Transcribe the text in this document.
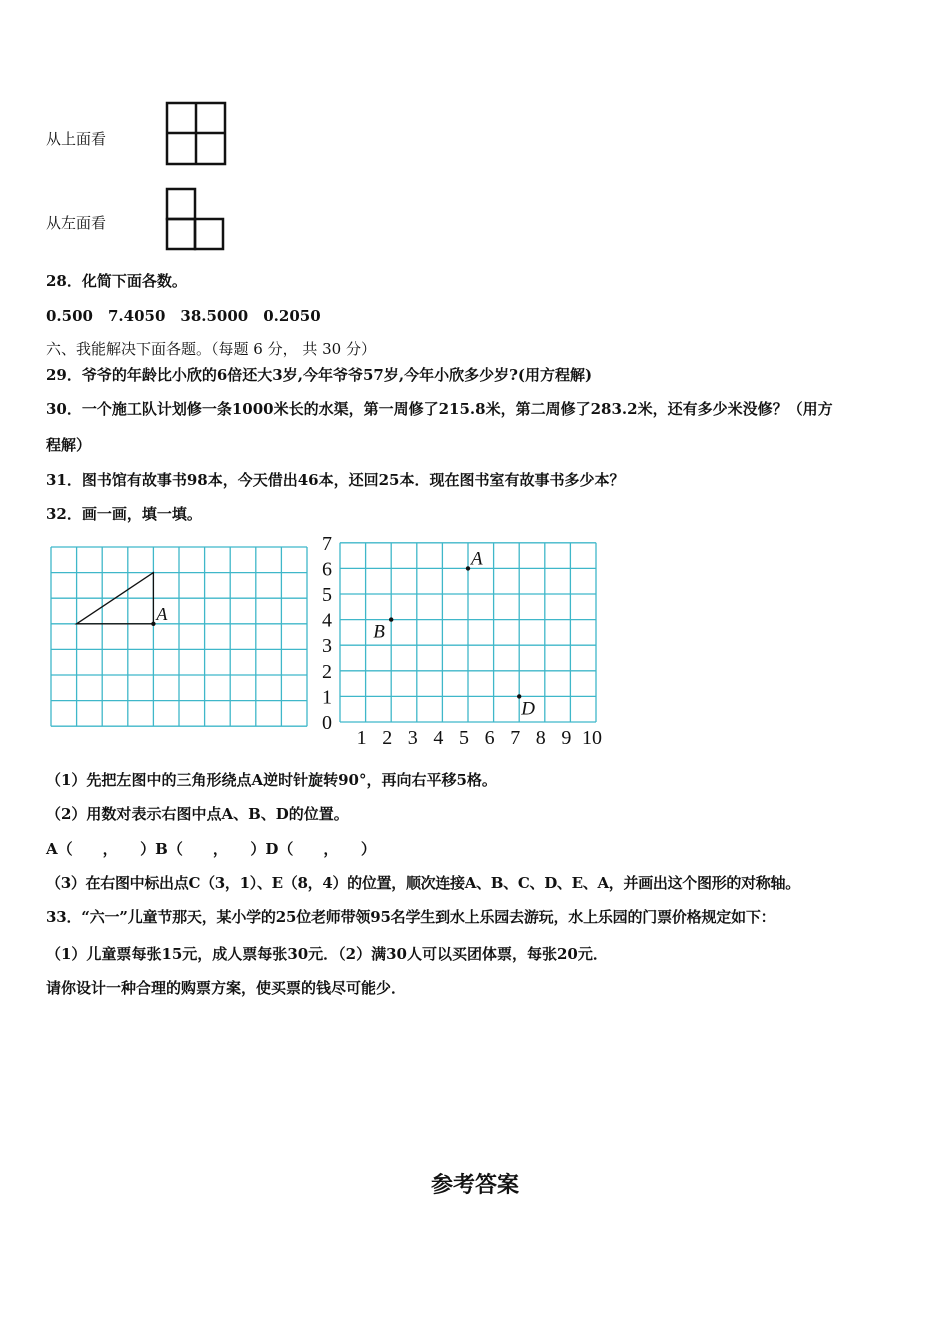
从上面看
从左面看
28．化简下面各数。
0.500　7.4050　38.5000　0.2050
六、我能解决下面各题。（每题 6 分， 共 30 分）
29．爷爷的年龄比小欣的6倍还大3岁,今年爷爷57岁,今年小欣多少岁?(用方程解)
30．一个施工队计划修一条1000米长的水渠，第一周修了215.8米，第二周修了283.2米，还有多少米没修？（用方
程解）
31．图书馆有故事书98本，今天借出46本，还回25本．现在图书室有故事书多少本？
32．画一画，填一填。
A
7
6
5
4
3
2
1
0
1 2 3 4 5 6 7 8 9 10
A
B
D
（1）先把左图中的三角形绕点A逆时针旋转90°，再向右平移5格。
（2）用数对表示右图中点A、B、D的位置。
A（　　，　　）B（　　，　　）D（　　，　　）
（3）在右图中标出点C（3，1）、E（8，4）的位置，顺次连接A、B、C、D、E、A，并画出这个图形的对称轴。
33．“六一”儿童节那天，某小学的25位老师带领95名学生到水上乐园去游玩，水上乐园的门票价格规定如下：
（1）儿童票每张15元，成人票每张30元．（2）满30人可以买团体票，每张20元．
请你设计一种合理的购票方案，使买票的钱尽可能少．
参考答案
